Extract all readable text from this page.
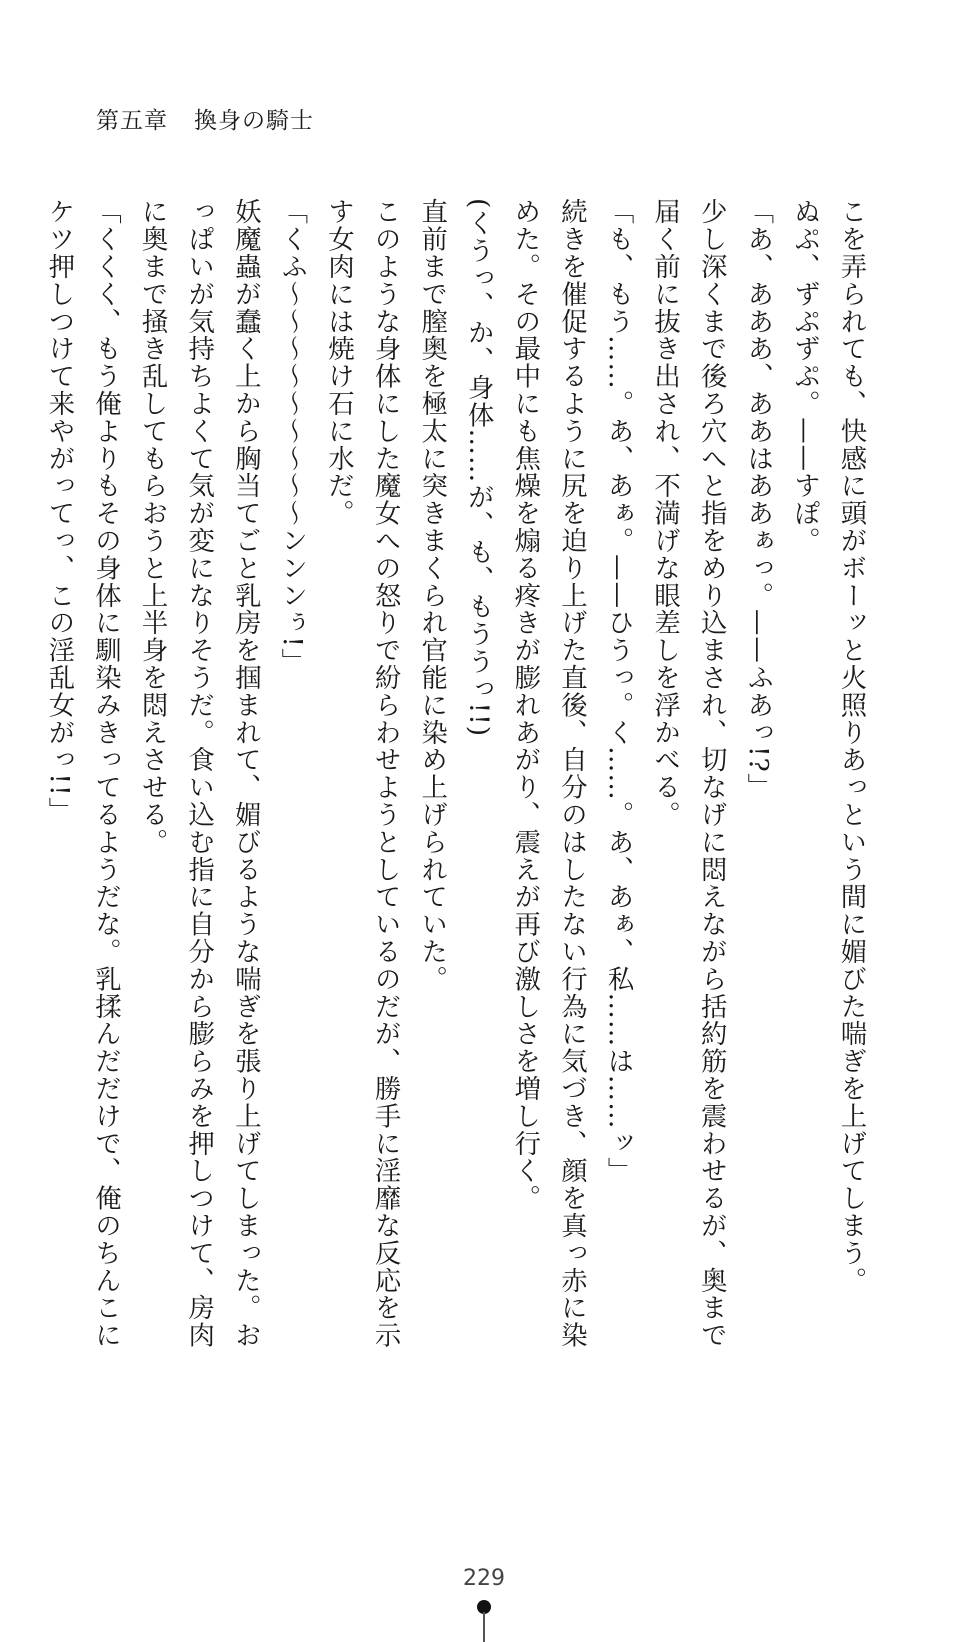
第五章 換身の騎士

こを弄られても、快感に頭がボーッと火照りあっという間に媚びた喘ぎを上げてしまう。

ぬぷ、ずぷずぷ。——すぽ。

「あ、あああ、ああはああぁっ。——ふあっ!?」

少し深くまで後ろ穴へと指をめり込まされ、切なげに悶えながら括約筋を震わせるが、奥まで届く前に抜き出され、不満げな眼差しを浮かべる。

「も、もう……。あ、あぁ。——ひうっ。く……。あ、あぁ、私……は……ッ」

続きを催促するように尻を迫り上げた直後、自分のはしたない行為に気づき、顔を真っ赤に染めた。その最中にも焦燥を煽る疼きが膨れあがり、震えが再び激しさを増し行く。

(くうっ、か、身体……が、も、もううっ!!)

直前まで膣奥を極太に突きまくられ官能に染め上げられていた。

このような身体にした魔女への怒りで紛らわせようとしているのだが、勝手に淫靡な反応を示す女肉には焼け石に水だ。

「くふ〜〜〜〜〜〜〜〜〜ンンンぅ!」

妖魔蟲が蠢く上から胸当てごと乳房を掴まれて、媚びるような喘ぎを張り上げてしまった。おっぱいが気持ちよくて気が変になりそうだ。食い込む指に自分から膨らみを押しつけて、房肉に奥まで掻き乱してもらおうと上半身を悶えさせる。

「くくく、もう俺よりもその身体に馴染みきってるようだな。乳揉んだだけで、俺のちんこにケツ押しつけて来やがってっ、この淫乱女がっ!!」

229
